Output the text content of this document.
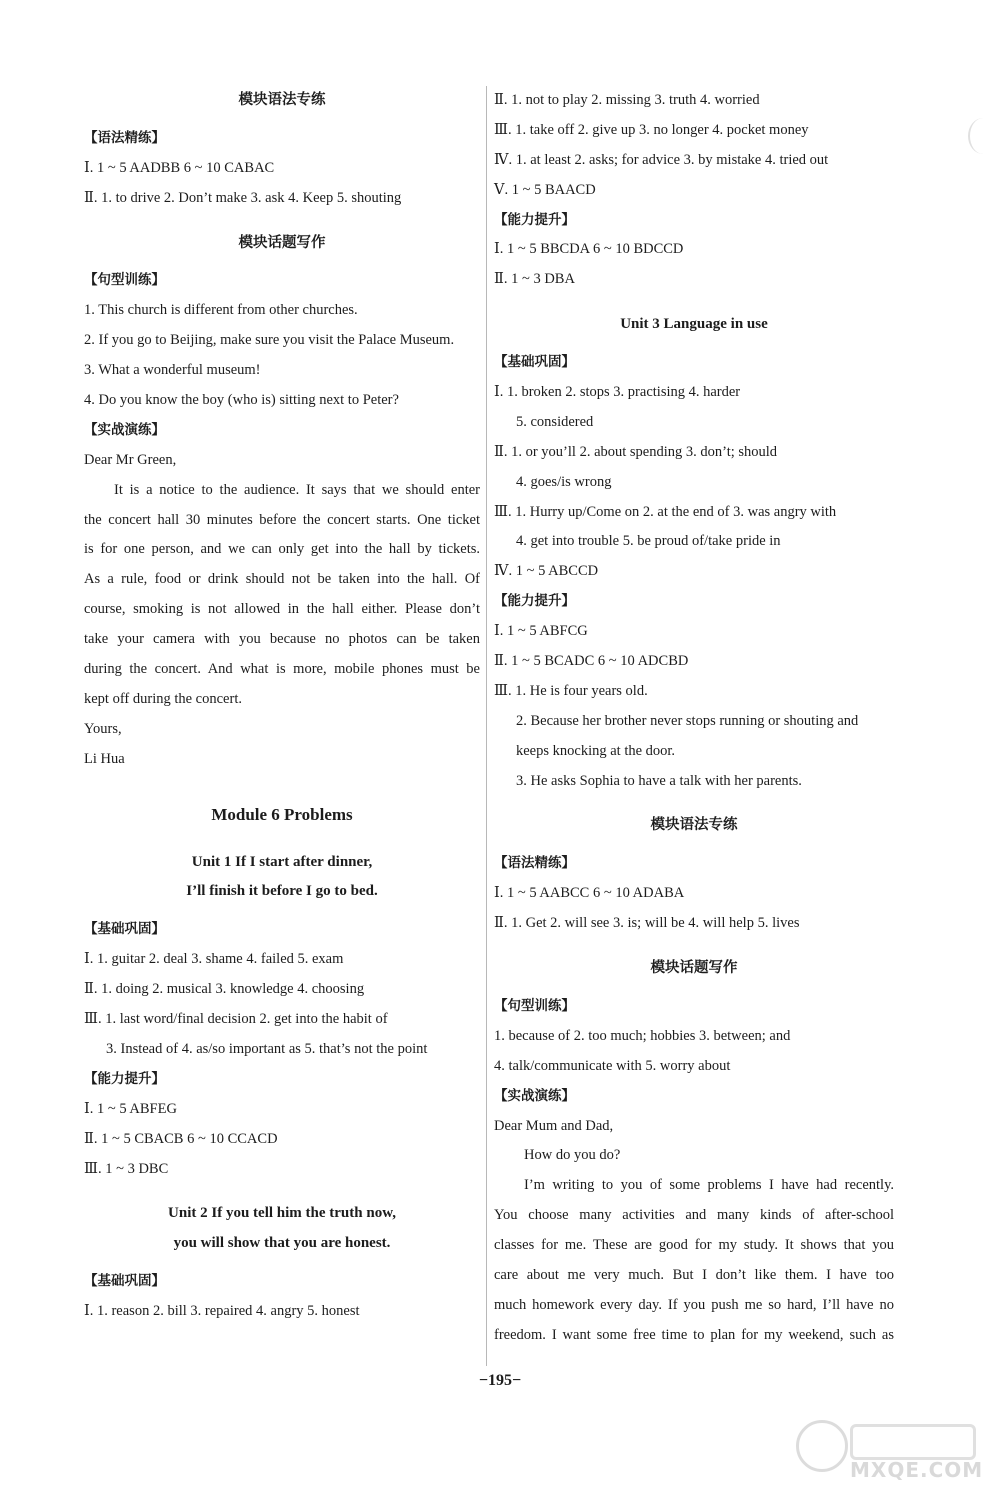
模块语法专练
【语法精练】
Ⅰ. 1 ~ 5 AADBB 6 ~ 10 CABAC
Ⅱ. 1. to drive 2. Don’t make 3. ask 4. Keep 5. shouting
模块话题写作
【句型训练】
1. This church is different from other churches.
2. If you go to Beijing, make sure you visit the Palace Museum.
3. What a wonderful museum!
4. Do you know the boy (who is) sitting next to Peter?
【实战演练】
Dear Mr Green,
It is a notice to the audience. It says that we should enter
the concert hall 30 minutes before the concert starts. One ticket
is for one person, and we can only get into the hall by tickets.
As a rule, food or drink should not be taken into the hall. Of
course, smoking is not allowed in the hall either. Please don’t
take your camera with you because no photos can be taken
during the concert. And what is more, mobile phones must be
kept off during the concert.
Yours,
Li Hua
Module 6 Problems
Unit 1 If I start after dinner,
I’ll finish it before I go to bed.
【基础巩固】
Ⅰ. 1. guitar 2. deal 3. shame 4. failed 5. exam
Ⅱ. 1. doing 2. musical 3. knowledge 4. choosing
Ⅲ. 1. last word/final decision 2. get into the habit of
3. Instead of 4. as/so important as 5. that’s not the point
【能力提升】
Ⅰ. 1 ~ 5 ABFEG
Ⅱ. 1 ~ 5 CBACB 6 ~ 10 CCACD
Ⅲ. 1 ~ 3 DBC
Unit 2 If you tell him the truth now,
you will show that you are honest.
【基础巩固】
Ⅰ. 1. reason 2. bill 3. repaired 4. angry 5. honest
Ⅱ. 1. not to play 2. missing 3. truth 4. worried
Ⅲ. 1. take off 2. give up 3. no longer 4. pocket money
Ⅳ. 1. at least 2. asks; for advice 3. by mistake 4. tried out
Ⅴ. 1 ~ 5 BAACD
【能力提升】
Ⅰ. 1 ~ 5 BBCDA 6 ~ 10 BDCCD
Ⅱ. 1 ~ 3 DBA
Unit 3 Language in use
【基础巩固】
Ⅰ. 1. broken 2. stops 3. practising 4. harder
5. considered
Ⅱ. 1. or you’ll 2. about spending 3. don’t; should
4. goes/is wrong
Ⅲ. 1. Hurry up/Come on 2. at the end of 3. was angry with
4. get into trouble 5. be proud of/take pride in
Ⅳ. 1 ~ 5 ABCCD
【能力提升】
Ⅰ. 1 ~ 5 ABFCG
Ⅱ. 1 ~ 5 BCADC 6 ~ 10 ADCBD
Ⅲ. 1. He is four years old.
2. Because her brother never stops running or shouting and
keeps knocking at the door.
3. He asks Sophia to have a talk with her parents.
模块语法专练
【语法精练】
Ⅰ. 1 ~ 5 AABCC 6 ~ 10 ADABA
Ⅱ. 1. Get 2. will see 3. is; will be 4. will help 5. lives
模块话题写作
【句型训练】
1. because of 2. too much; hobbies 3. between; and
4. talk/communicate with 5. worry about
【实战演练】
Dear Mum and Dad,
How do you do?
I’m writing to you of some problems I have had recently.
You choose many activities and many kinds of after-school
classes for me. These are good for my study. It shows that you
care about me very much. But I don’t like them. I have too
much homework every day. If you push me so hard, I’ll have no
freedom. I want some free time to plan for my weekend, such as
−195−
MXQE.COM
